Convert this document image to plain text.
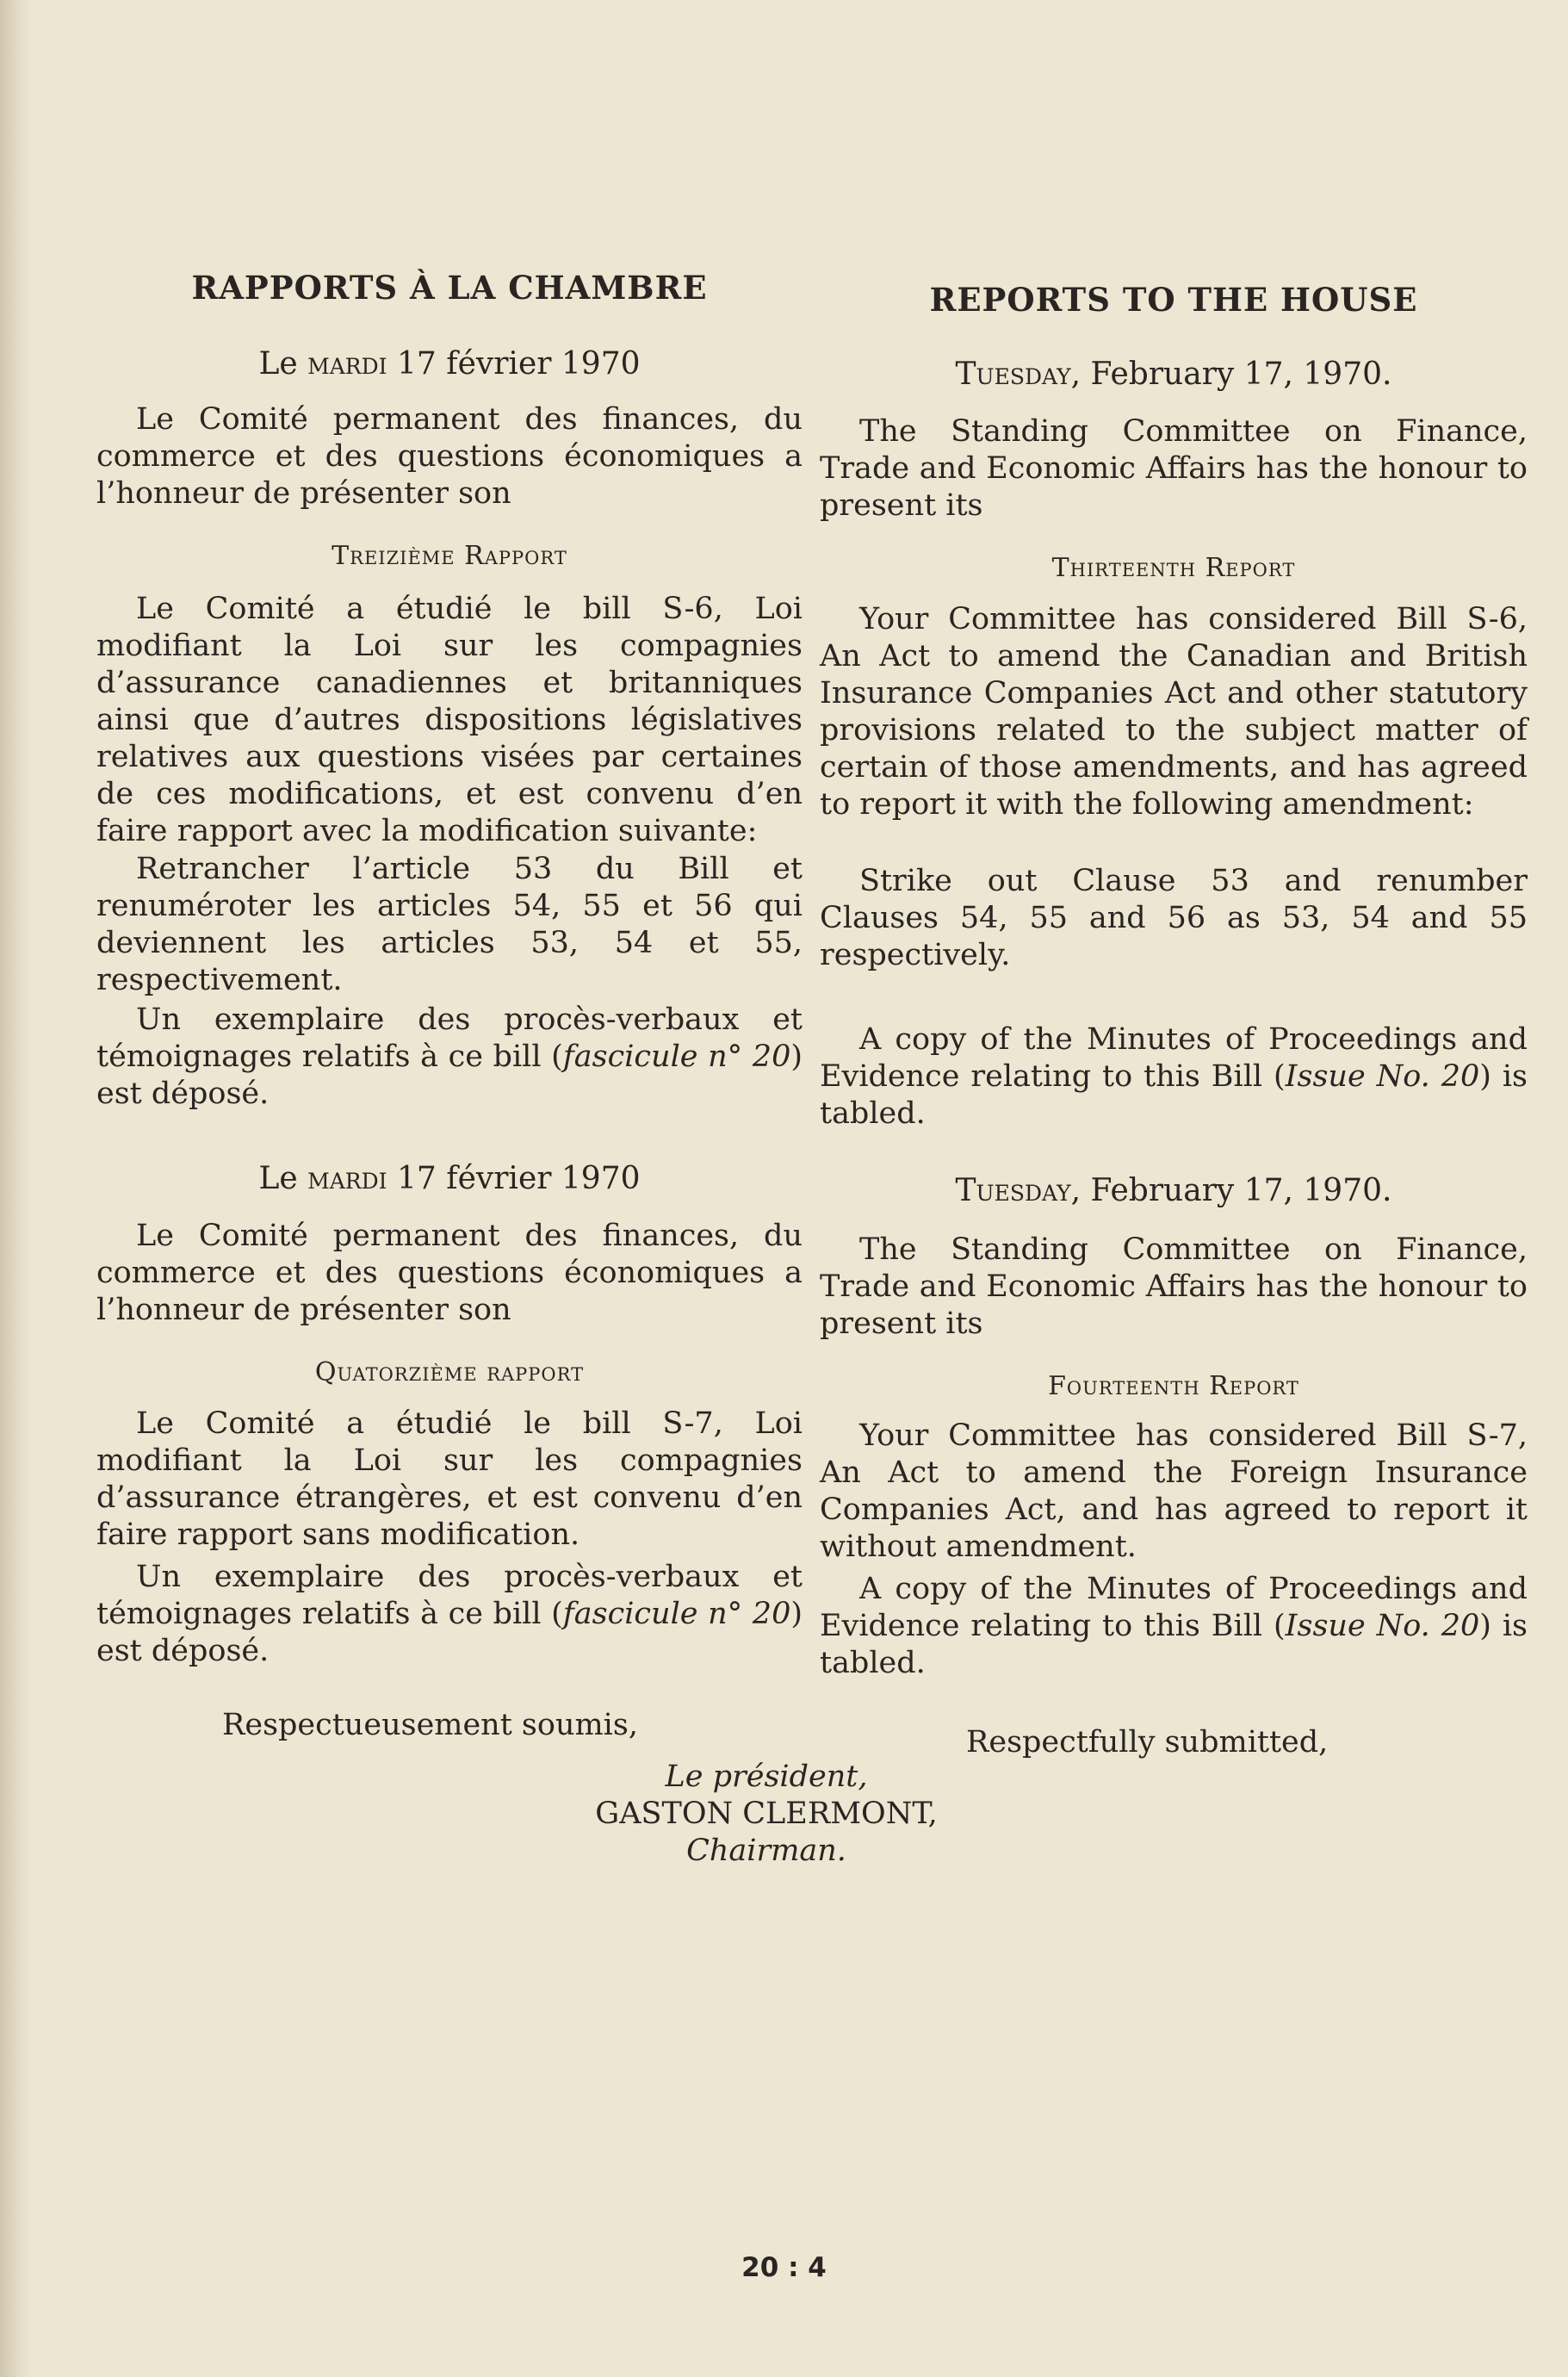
RAPPORTS À LA CHAMBRE

Le mardi 17 février 1970

Le Comité permanent des finances, du commerce et des questions économiques a l’honneur de présenter son

Treizième Rapport

Le Comité a étudié le bill S-6, Loi modifiant la Loi sur les compagnies d’assurance canadiennes et britanniques ainsi que d’autres dispositions législatives relatives aux questions visées par certaines de ces modifications, et est convenu d’en faire rapport avec la modification suivante:

Retrancher l’article 53 du Bill et renuméroter les articles 54, 55 et 56 qui deviennent les articles 53, 54 et 55, respectivement.

Un exemplaire des procès-verbaux et témoignages relatifs à ce bill (fascicule n° 20) est déposé.

Le mardi 17 février 1970

Le Comité permanent des finances, du commerce et des questions économiques a l’honneur de présenter son

Quatorzième rapport

Le Comité a étudié le bill S-7, Loi modifiant la Loi sur les compagnies d’assurance étrangères, et est convenu d’en faire rapport sans modification.

Un exemplaire des procès-verbaux et témoignages relatifs à ce bill (fascicule n° 20) est déposé.

REPORTS TO THE HOUSE

Tuesday, February 17, 1970.

The Standing Committee on Finance, Trade and Economic Affairs has the honour to present its

Thirteenth Report

Your Committee has considered Bill S-6, An Act to amend the Canadian and British Insurance Companies Act and other statutory provisions related to the subject matter of certain of those amendments, and has agreed to report it with the following amendment:

Strike out Clause 53 and renumber Clauses 54, 55 and 56 as 53, 54 and 55 respectively.

A copy of the Minutes of Proceedings and Evidence relating to this Bill (Issue No. 20) is tabled.

Tuesday, February 17, 1970.

The Standing Committee on Finance, Trade and Economic Affairs has the honour to present its

Fourteenth Report

Your Committee has considered Bill S-7, An Act to amend the Foreign Insurance Companies Act, and has agreed to report it without amendment.

A copy of the Minutes of Proceedings and Evidence relating to this Bill (Issue No. 20) is tabled.

Respectueusement soumis,	Respectfully submitted,

Le président,
GASTON CLERMONT,
Chairman.
20 : 4
